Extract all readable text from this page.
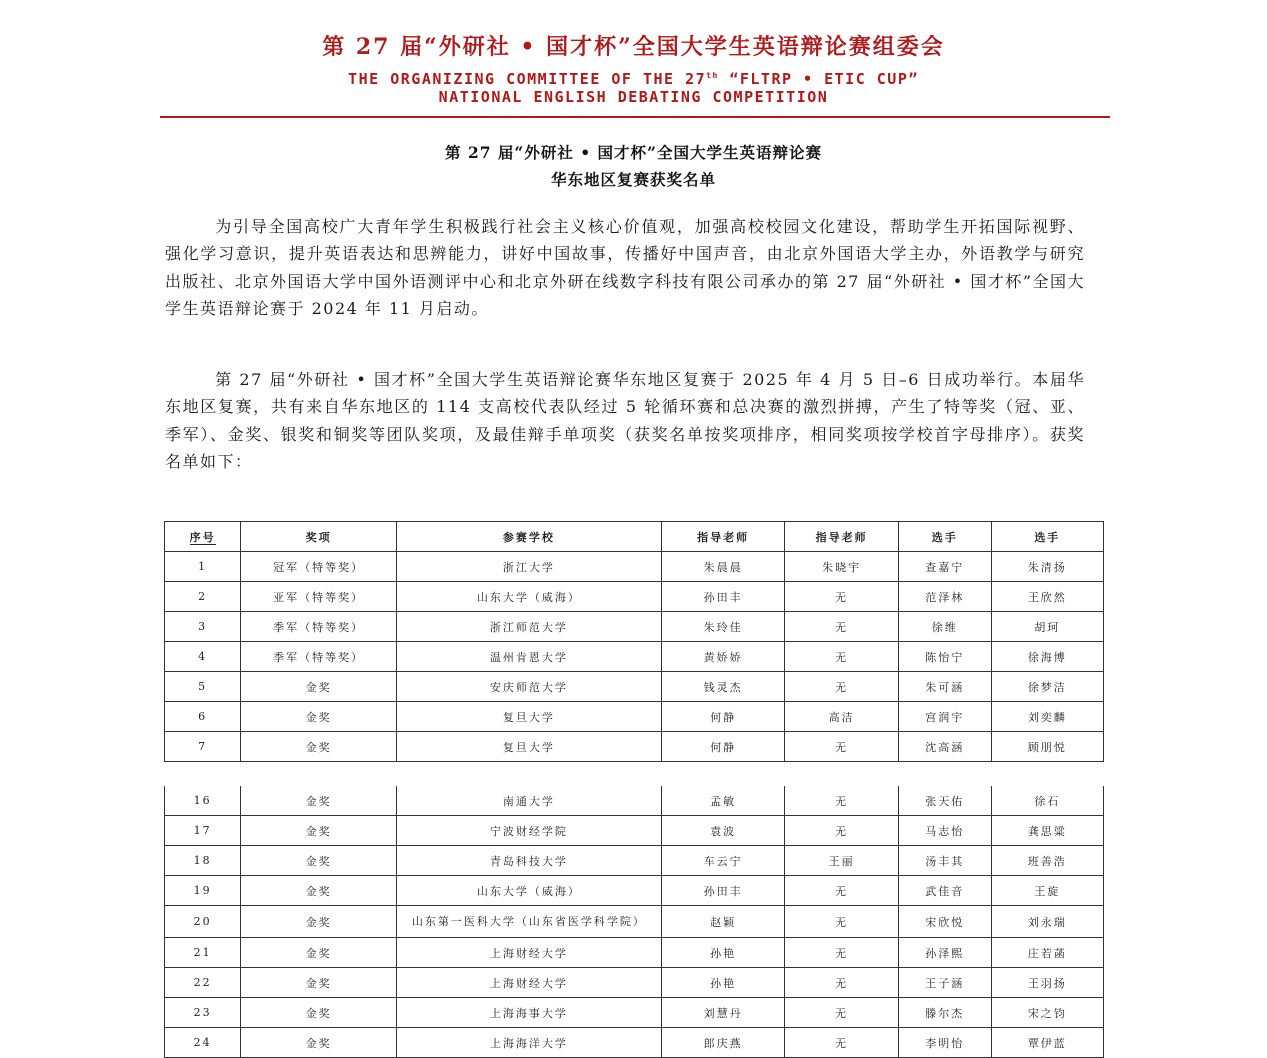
第 27 届“外研社 • 国才杯”全国大学生英语辩论赛组委会
THE ORGANIZING COMMITTEE OF THE 27th “FLTRP • ETIC CUP”
NATIONAL ENGLISH DEBATING COMPETITION
第 27 届“外研社 • 国才杯”全国大学生英语辩论赛
华东地区复赛获奖名单
为引导全国高校广大青年学生积极践行社会主义核心价值观，加强高校校园文化建设，帮助学生开拓国际视野、强化学习意识，提升英语表达和思辨能力，讲好中国故事，传播好中国声音，由北京外国语大学主办，外语教学与研究出版社、北京外国语大学中国外语测评中心和北京外研在线数字科技有限公司承办的第 27 届“外研社 • 国才杯”全国大学生英语辩论赛于 2024 年 11 月启动。
第 27 届“外研社 • 国才杯”全国大学生英语辩论赛华东地区复赛于 2025 年 4 月 5 日–6 日成功举行。本届华东地区复赛，共有来自华东地区的 114 支高校代表队经过 5 轮循环赛和总决赛的激烈拼搏，产生了特等奖（冠、亚、季军）、金奖、银奖和铜奖等团队奖项，及最佳辩手单项奖（获奖名单按奖项排序，相同奖项按学校首字母排序）。获奖名单如下：
序号	奖项	参赛学校	指导老师	指导老师	选手	选手
1	冠军（特等奖）	浙江大学	朱晨晨	朱晓宇	查嘉宁	朱清扬
2	亚军（特等奖）	山东大学（威海）	孙田丰	无	范泽林	王欣然
3	季军（特等奖）	浙江师范大学	朱玲佳	无	徐维	胡珂
4	季军（特等奖）	温州肯恩大学	黄娇娇	无	陈怡宁	徐海博
5	金奖	安庆师范大学	钱灵杰	无	朱可涵	徐梦洁
6	金奖	复旦大学	何静	高洁	宫润宇	刘奕麟
7	金奖	复旦大学	何静	无	沈高涵	顾朋悦
16	金奖	南通大学	孟敏	无	张天佑	徐石
17	金奖	宁波财经学院	袁波	无	马志怡	龚思粱
18	金奖	青岛科技大学	车云宁	王丽	汤丰其	班善浩
19	金奖	山东大学（威海）	孙田丰	无	武佳音	王旋
20	金奖	山东第一医科大学（山东省医学科学院）	赵颖	无	宋欣悦	刘永瑞
21	金奖	上海财经大学	孙艳	无	孙泽熙	庄若菡
22	金奖	上海财经大学	孙艳	无	王子涵	王羽扬
23	金奖	上海海事大学	刘慧丹	无	滕尔杰	宋之钧
24	金奖	上海海洋大学	郎庆燕	无	李明怡	覃伊蓝
